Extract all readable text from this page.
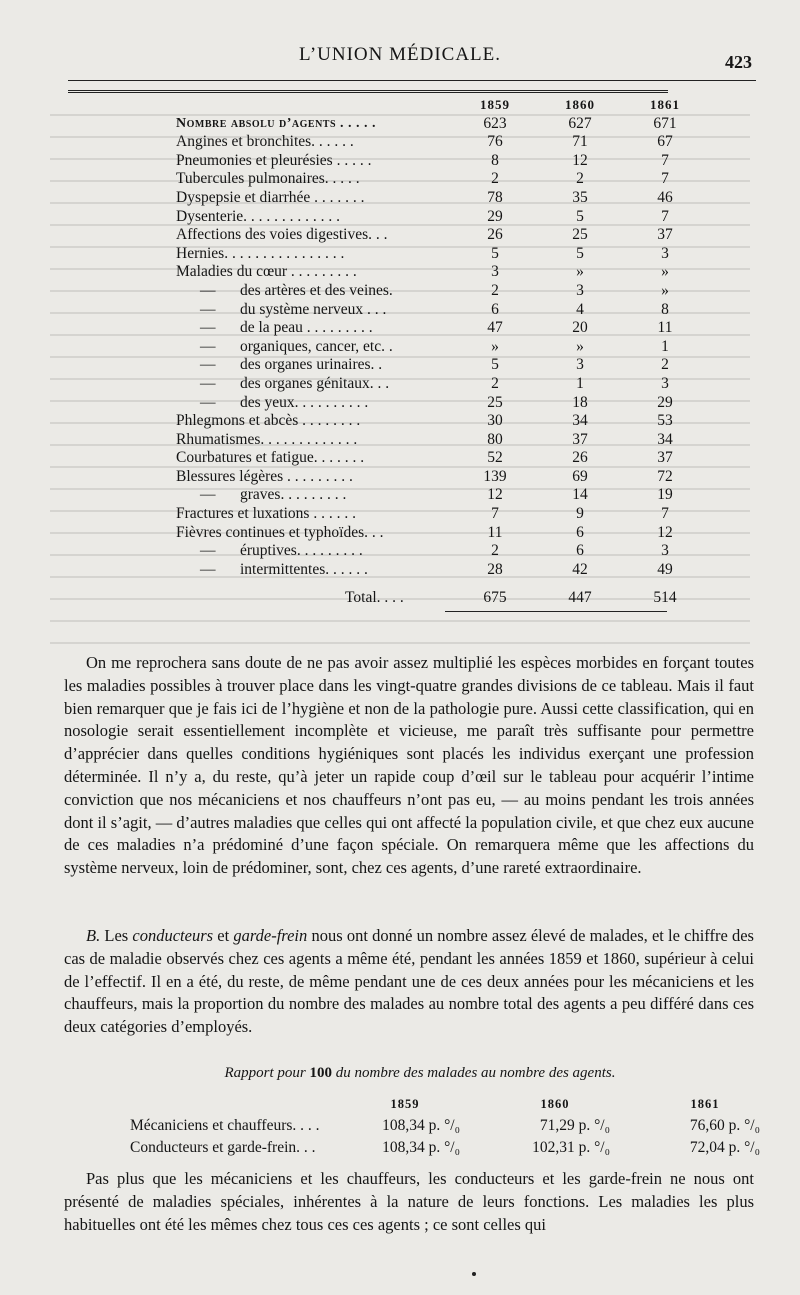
L’UNION MÉDICALE.	423
1859	1860	1861
Nombre absolu d’agents . . . . .	623	627	671
Angines et bronchites. . . . . .	76	71	67
Pneumonies et pleurésies . . . . .	8	12	7
Tubercules pulmonaires. . . . .	2	2	7
Dyspepsie et diarrhée . . . . . . .	78	35	46
Dysenterie. . . . . . . . . . . . .	29	5	7
Affections des voies digestives. . .	26	25	37
Hernies. . . . . . . . . . . . . . . .	5	5	3
Maladies du cœur . . . . . . . . .	3	»	»
— des artères et des veines.	2	3	»
— du système nerveux . . .	6	4	8
— de la peau . . . . . . . . .	47	20	11
— organiques, cancer, etc. .	»	»	1
— des organes urinaires. .	5	3	2
— des organes génitaux. . .	2	1	3
— des yeux. . . . . . . . . .	25	18	29
Phlegmons et abcès . . . . . . . .	30	34	53
Rhumatismes. . . . . . . . . . . . .	80	37	34
Courbatures et fatigue. . . . . . .	52	26	37
Blessures légères . . . . . . . . .	139	69	72
— graves. . . . . . . . .	12	14	19
Fractures et luxations . . . . . .	7	9	7
Fièvres continues et typhoïdes. . .	11	6	12
— éruptives. . . . . . . . .	2	6	3
— intermittentes. . . . . .	28	42	49
Total. . . .	675	447	514

On me reprochera sans doute de ne pas avoir assez multiplié les espèces morbides en forçant toutes les maladies possibles à trouver place dans les vingt-quatre grandes divisions de ce tableau. Mais il faut bien remarquer que je fais ici de l’hygiène et non de la pathologie pure. Aussi cette classification, qui en nosologie serait essentiellement incomplète et vicieuse, me paraît très suffisante pour permettre d’apprécier dans quelles conditions hygiéniques sont placés les individus exerçant une profession déterminée. Il n’y a, du reste, qu’à jeter un rapide coup d’œil sur le tableau pour acquérir l’intime conviction que nos mécaniciens et nos chauffeurs n’ont pas eu, — au moins pendant les trois années dont il s’agit, — d’autres maladies que celles qui ont affecté la population civile, et que chez eux aucune de ces maladies n’a prédominé d’une façon spéciale. On remarquera même que les affections du système nerveux, loin de prédominer, sont, chez ces agents, d’une rareté extraordinaire.

B. Les conducteurs et garde-frein nous ont donné un nombre assez élevé de malades, et le chiffre des cas de maladie observés chez ces agents a même été, pendant les années 1859 et 1860, supérieur à celui de l’effectif. Il en a été, du reste, de même pendant une de ces deux années pour les mécaniciens et les chauffeurs, mais la proportion du nombre des malades au nombre total des agents a peu différé dans ces deux catégories d’employés.

Rapport pour 100 du nombre des malades au nombre des agents.
1859	1860	1861
Mécaniciens et chauffeurs. . . .	108,34 p. °/₀	71,29 p. °/₀	76,60 p. °/₀
Conducteurs et garde-frein. . .	108,34 p. °/₀	102,31 p. °/₀	72,04 p. °/₀

Pas plus que les mécaniciens et les chauffeurs, les conducteurs et les garde-frein ne nous ont présenté de maladies spéciales, inhérentes à la nature de leurs fonctions. Les maladies les plus habituelles ont été les mêmes chez tous ces ces agents ; ce sont celles qui
